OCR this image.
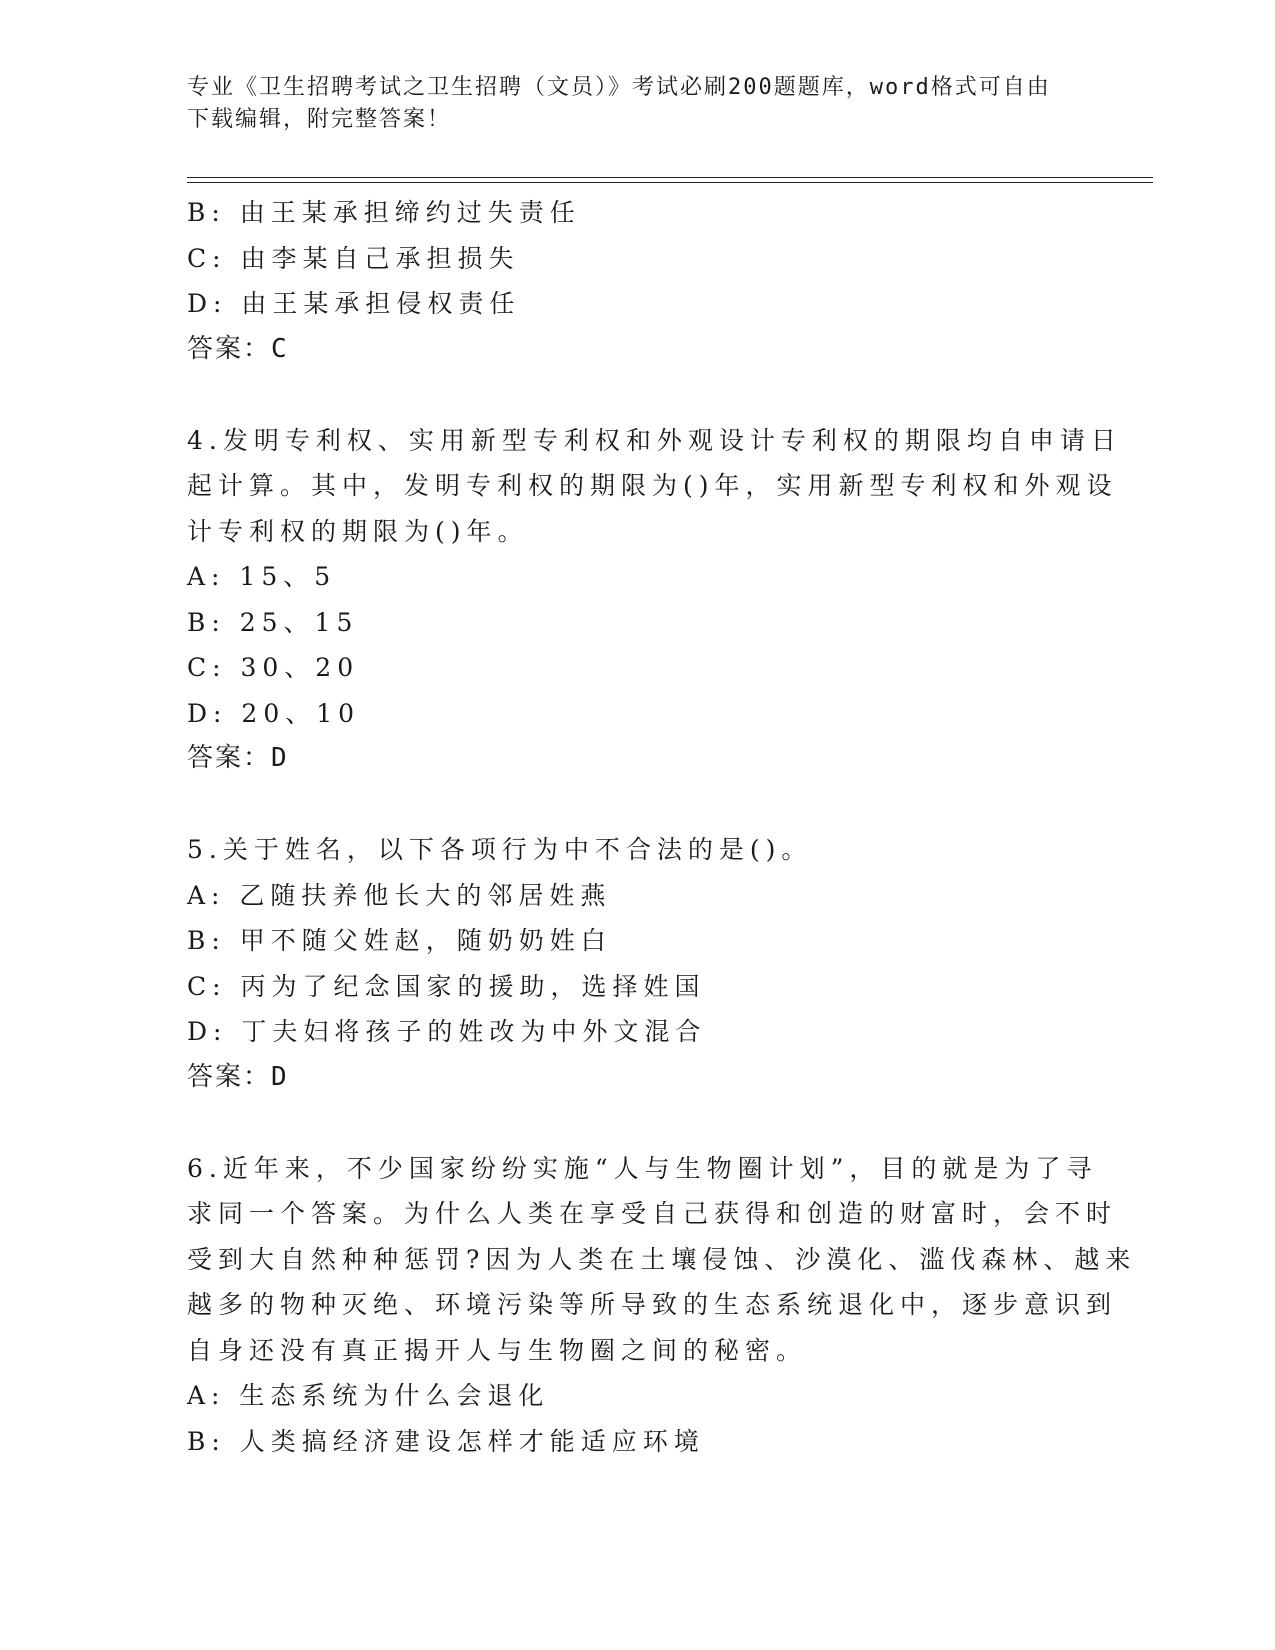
专业《卫生招聘考试之卫生招聘（文员）》考试必刷200题题库，word格式可自由下载编辑，附完整答案！
B: 由王某承担缔约过失责任
C: 由李某自己承担损失
D: 由王某承担侵权责任
答案：C
4.发明专利权、实用新型专利权和外观设计专利权的期限均自申请日
起计算。其中，发明专利权的期限为()年，实用新型专利权和外观设
计专利权的期限为()年。
A: 15、5
B: 25、15
C: 30、20
D: 20、10
答案：D
5.关于姓名，以下各项行为中不合法的是()。
A: 乙随扶养他长大的邻居姓燕
B: 甲不随父姓赵，随奶奶姓白
C: 丙为了纪念国家的援助，选择姓国
D: 丁夫妇将孩子的姓改为中外文混合
答案：D
6.近年来，不少国家纷纷实施“人与生物圈计划”，目的就是为了寻
求同一个答案。为什么人类在享受自己获得和创造的财富时，会不时
受到大自然种种惩罚?因为人类在土壤侵蚀、沙漠化、滥伐森林、越来
越多的物种灭绝、环境污染等所导致的生态系统退化中，逐步意识到
自身还没有真正揭开人与生物圈之间的秘密。
A: 生态系统为什么会退化
B: 人类搞经济建设怎样才能适应环境
